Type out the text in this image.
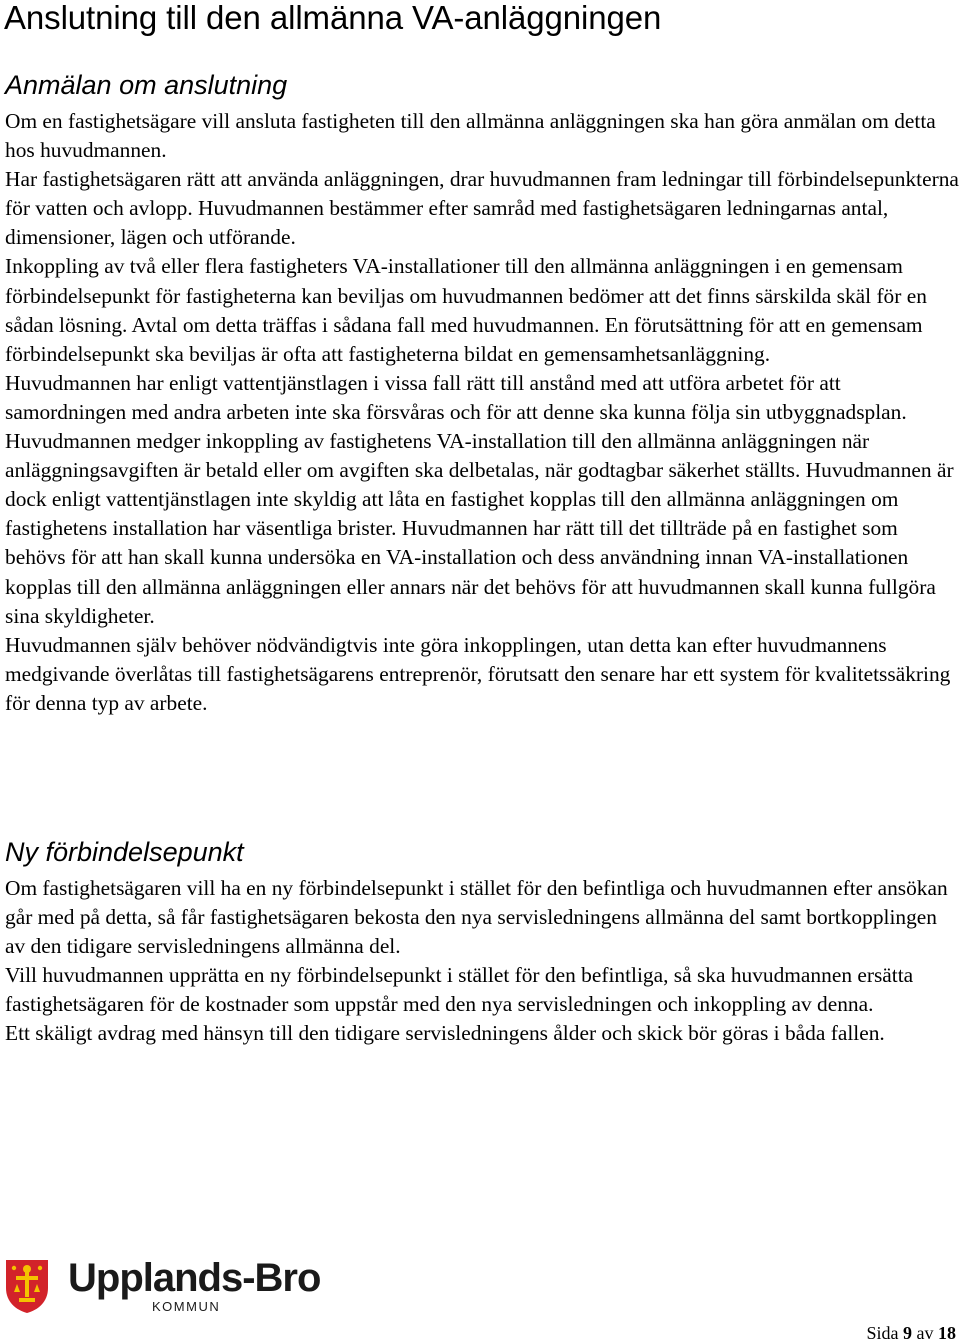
Anslutning till den allmänna VA-anläggningen
Anmälan om anslutning

Om en fastighetsägare vill ansluta fastigheten till den allmänna anläggningen ska han göra anmälan om detta hos huvudmannen.

Har fastighetsägaren rätt att använda anläggningen, drar huvudmannen fram ledningar till förbindelsepunkterna för vatten och avlopp. Huvudmannen bestämmer efter samråd med fastighetsägaren ledningarnas antal, dimensioner, lägen och utförande.

Inkoppling av två eller flera fastigheters VA-installationer till den allmänna anläggningen i en gemensam förbindelsepunkt för fastigheterna kan beviljas om huvudmannen bedömer att det finns särskilda skäl för en sådan lösning. Avtal om detta träffas i sådana fall med huvudmannen. En förutsättning för att en gemensam förbindelsepunkt ska beviljas är ofta att fastigheterna bildat en gemensamhetsanläggning.

Huvudmannen har enligt vattentjänstlagen i vissa fall rätt till anstånd med att utföra arbetet för att samordningen med andra arbeten inte ska försvåras och för att denne ska kunna följa sin utbyggnadsplan.

Huvudmannen medger inkoppling av fastighetens VA-installation till den allmänna anläggningen när anläggningsavgiften är betald eller om avgiften ska delbetalas, när godtagbar säkerhet ställts. Huvudmannen är dock enligt vattentjänstlagen inte skyldig att låta en fastighet kopplas till den allmänna anläggningen om fastighetens installation har väsentliga brister. Huvudmannen har rätt till det tillträde på en fastighet som behövs för att han skall kunna undersöka en VA-installation och dess användning innan VA-installationen kopplas till den allmänna anläggningen eller annars när det behövs för att huvudmannen skall kunna fullgöra sina skyldigheter.

Huvudmannen själv behöver nödvändigtvis inte göra inkopplingen, utan detta kan efter huvudmannens medgivande överlåtas till fastighetsägarens entreprenör, förutsatt den senare har ett system för kvalitetssäkring för denna typ av arbete.

Ny förbindelsepunkt

Om fastighetsägaren vill ha en ny förbindelsepunkt i stället för den befintliga och huvudmannen efter ansökan går med på detta, så får fastighetsägaren bekosta den nya servisledningens allmänna del samt bortkopplingen av den tidigare servisledningens allmänna del.

Vill huvudmannen upprätta en ny förbindelsepunkt i stället för den befintliga, så ska huvudmannen ersätta fastighetsägaren för de kostnader som uppstår med den nya servisledningen och inkoppling av denna.

Ett skäligt avdrag med hänsyn till den tidigare servisledningens ålder och skick bör göras i båda fallen.

Upplands-Bro
KOMMUN
Sida 9 av 18
